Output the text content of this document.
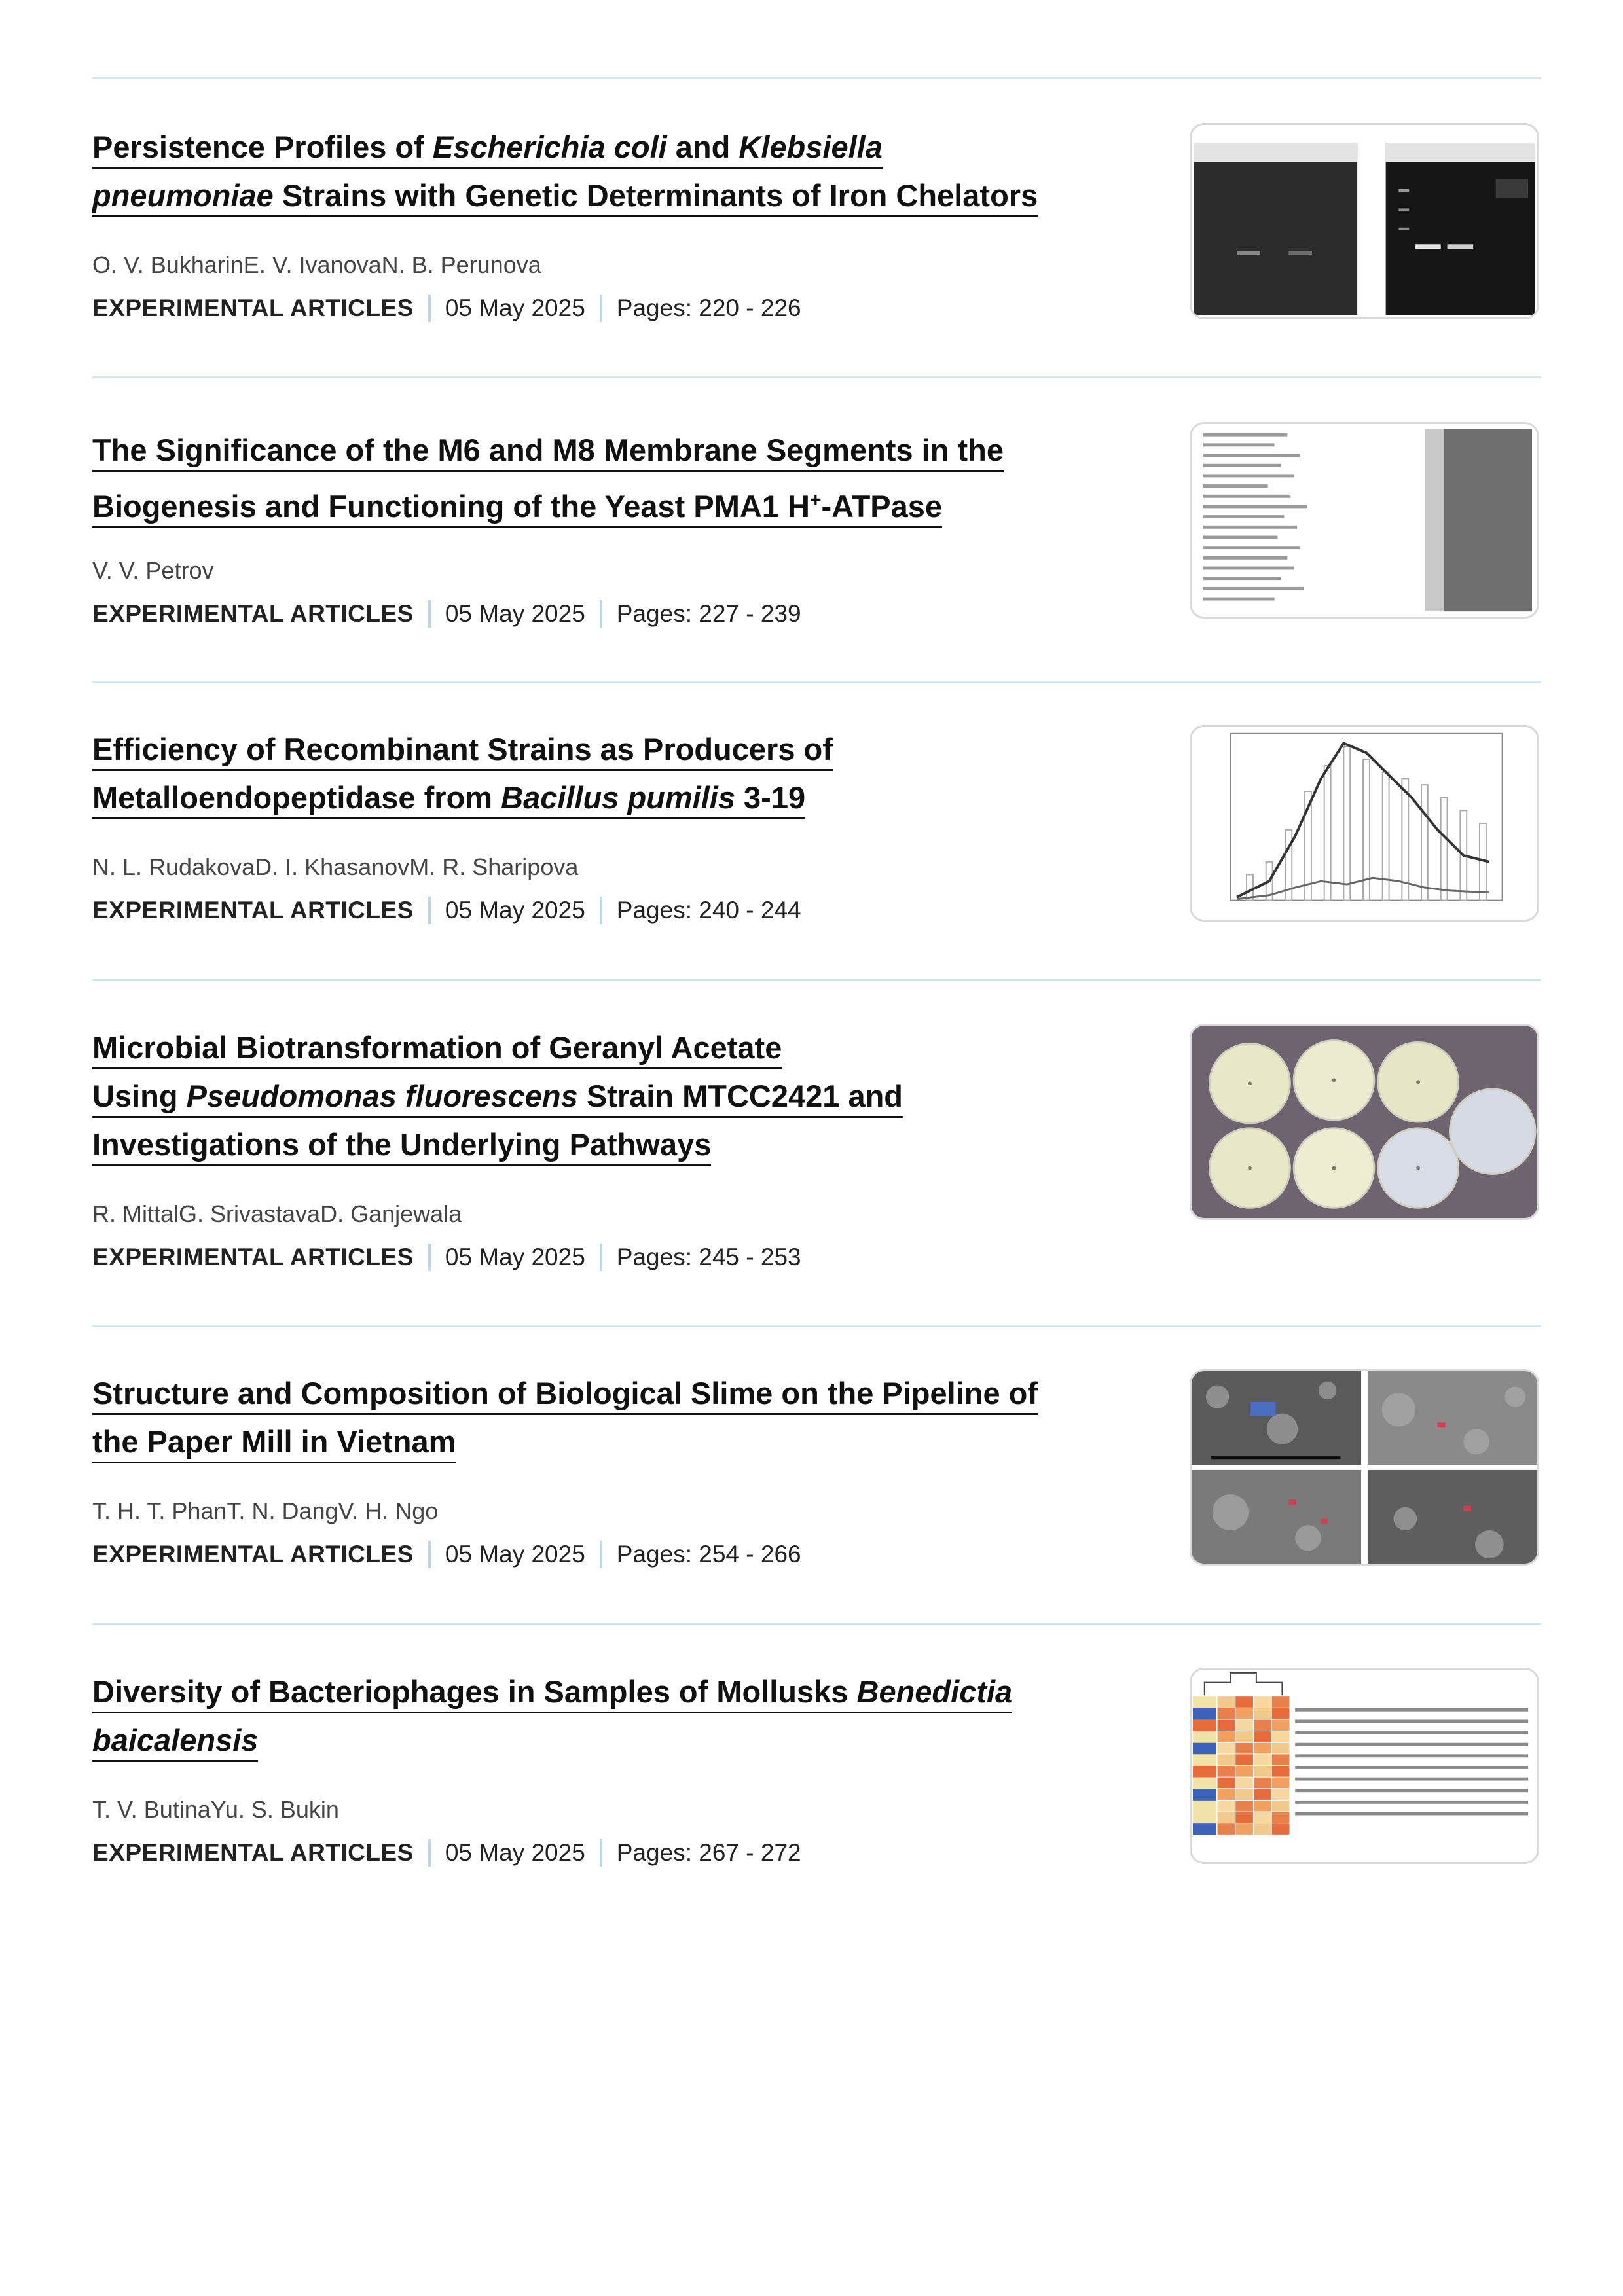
Persistence Profiles of Escherichia coli and Klebsiella
pneumoniae Strains with Genetic Determinants of Iron Chelators
O. V. BukharinE. V. IvanovaN. B. Perunova
EXPERIMENTAL ARTICLES 05 May 2025 Pages: 220 - 226
The Significance of the M6 and M8 Membrane Segments in the
Biogenesis and Functioning of the Yeast PMA1 H+-ATPase
V. V. Petrov
EXPERIMENTAL ARTICLES 05 May 2025 Pages: 227 - 239
Efficiency of Recombinant Strains as Producers of
Metalloendopeptidase from Bacillus pumilis 3-19
N. L. RudakovaD. I. KhasanovM. R. Sharipova
EXPERIMENTAL ARTICLES 05 May 2025 Pages: 240 - 244
Microbial Biotransformation of Geranyl Acetate
Using Pseudomonas fluorescens Strain MTCC2421 and
Investigations of the Underlying Pathways
R. MittalG. SrivastavaD. Ganjewala
EXPERIMENTAL ARTICLES 05 May 2025 Pages: 245 - 253
Structure and Composition of Biological Slime on the Pipeline of
the Paper Mill in Vietnam
T. H. T. PhanT. N. DangV. H. Ngo
EXPERIMENTAL ARTICLES 05 May 2025 Pages: 254 - 266
Diversity of Bacteriophages in Samples of Mollusks Benedictia
baicalensis
T. V. ButinaYu. S. Bukin
EXPERIMENTAL ARTICLES 05 May 2025 Pages: 267 - 272
